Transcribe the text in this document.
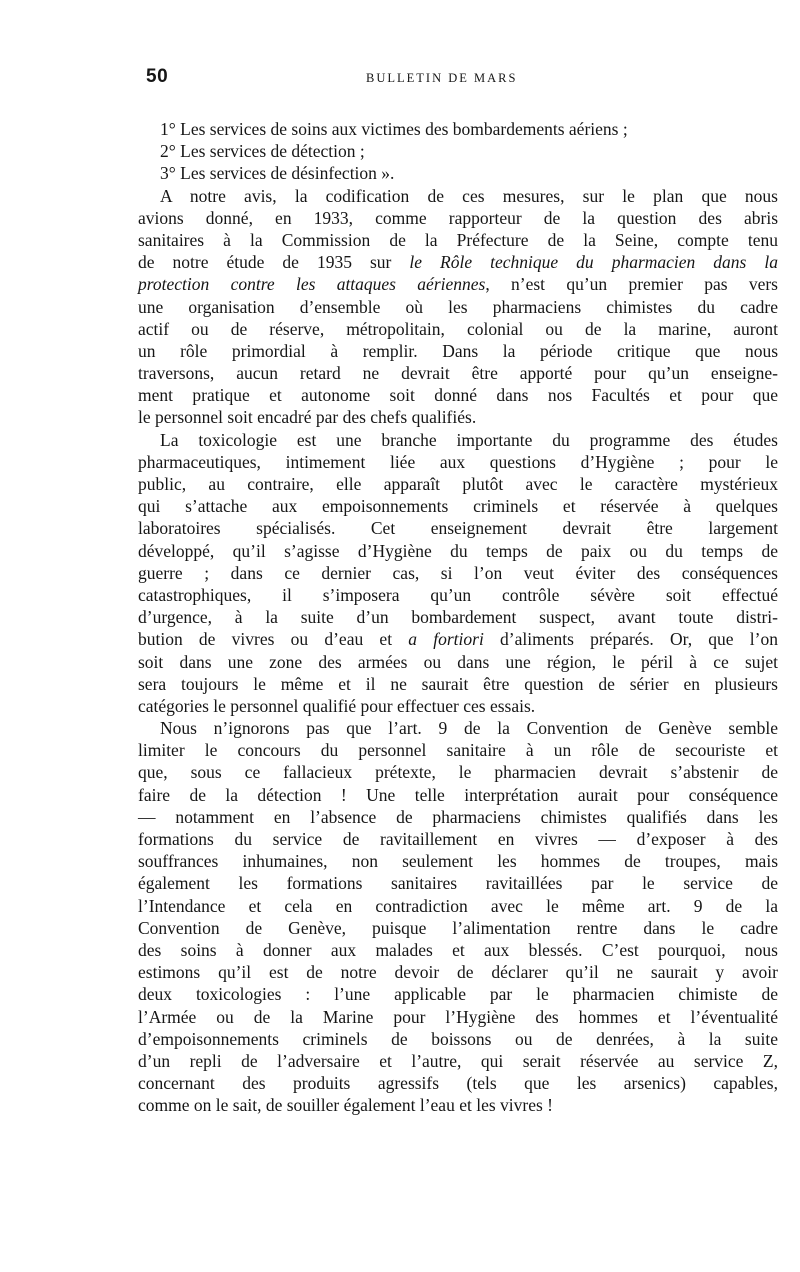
50	BULLETIN DE MARS
1° Les services de soins aux victimes des bombardements aériens ;
2° Les services de détection ;
3° Les services de désinfection ».
A notre avis, la codification de ces mesures, sur le plan que nous
avions donné, en 1933, comme rapporteur de la question des abris
sanitaires à la Commission de la Préfecture de la Seine, compte tenu
de notre étude de 1935 sur le Rôle technique du pharmacien dans la
protection contre les attaques aériennes, n’est qu’un premier pas vers
une organisation d’ensemble où les pharmaciens chimistes du cadre
actif ou de réserve, métropolitain, colonial ou de la marine, auront
un rôle primordial à remplir. Dans la période critique que nous
traversons, aucun retard ne devrait être apporté pour qu’un enseigne-
ment pratique et autonome soit donné dans nos Facultés et pour que
le personnel soit encadré par des chefs qualifiés.
La toxicologie est une branche importante du programme des études
pharmaceutiques, intimement liée aux questions d’Hygiène ; pour le
public, au contraire, elle apparaît plutôt avec le caractère mystérieux
qui s’attache aux empoisonnements criminels et réservée à quelques
laboratoires spécialisés. Cet enseignement devrait être largement
développé, qu’il s’agisse d’Hygiène du temps de paix ou du temps de
guerre ; dans ce dernier cas, si l’on veut éviter des conséquences
catastrophiques, il s’imposera qu’un contrôle sévère soit effectué
d’urgence, à la suite d’un bombardement suspect, avant toute distri-
bution de vivres ou d’eau et a fortiori d’aliments préparés. Or, que l’on
soit dans une zone des armées ou dans une région, le péril à ce sujet
sera toujours le même et il ne saurait être question de sérier en plusieurs
catégories le personnel qualifié pour effectuer ces essais.
Nous n’ignorons pas que l’art. 9 de la Convention de Genève semble
limiter le concours du personnel sanitaire à un rôle de secouriste et
que, sous ce fallacieux prétexte, le pharmacien devrait s’abstenir de
faire de la détection ! Une telle interprétation aurait pour conséquence
— notamment en l’absence de pharmaciens chimistes qualifiés dans les
formations du service de ravitaillement en vivres — d’exposer à des
souffrances inhumaines, non seulement les hommes de troupes, mais
également les formations sanitaires ravitaillées par le service de
l’Intendance et cela en contradiction avec le même art. 9 de la
Convention de Genève, puisque l’alimentation rentre dans le cadre
des soins à donner aux malades et aux blessés. C’est pourquoi, nous
estimons qu’il est de notre devoir de déclarer qu’il ne saurait y avoir
deux toxicologies : l’une applicable par le pharmacien chimiste de
l’Armée ou de la Marine pour l’Hygiène des hommes et l’éventualité
d’empoisonnements criminels de boissons ou de denrées, à la suite
d’un repli de l’adversaire et l’autre, qui serait réservée au service Z,
concernant des produits agressifs (tels que les arsenics) capables,
comme on le sait, de souiller également l’eau et les vivres !
